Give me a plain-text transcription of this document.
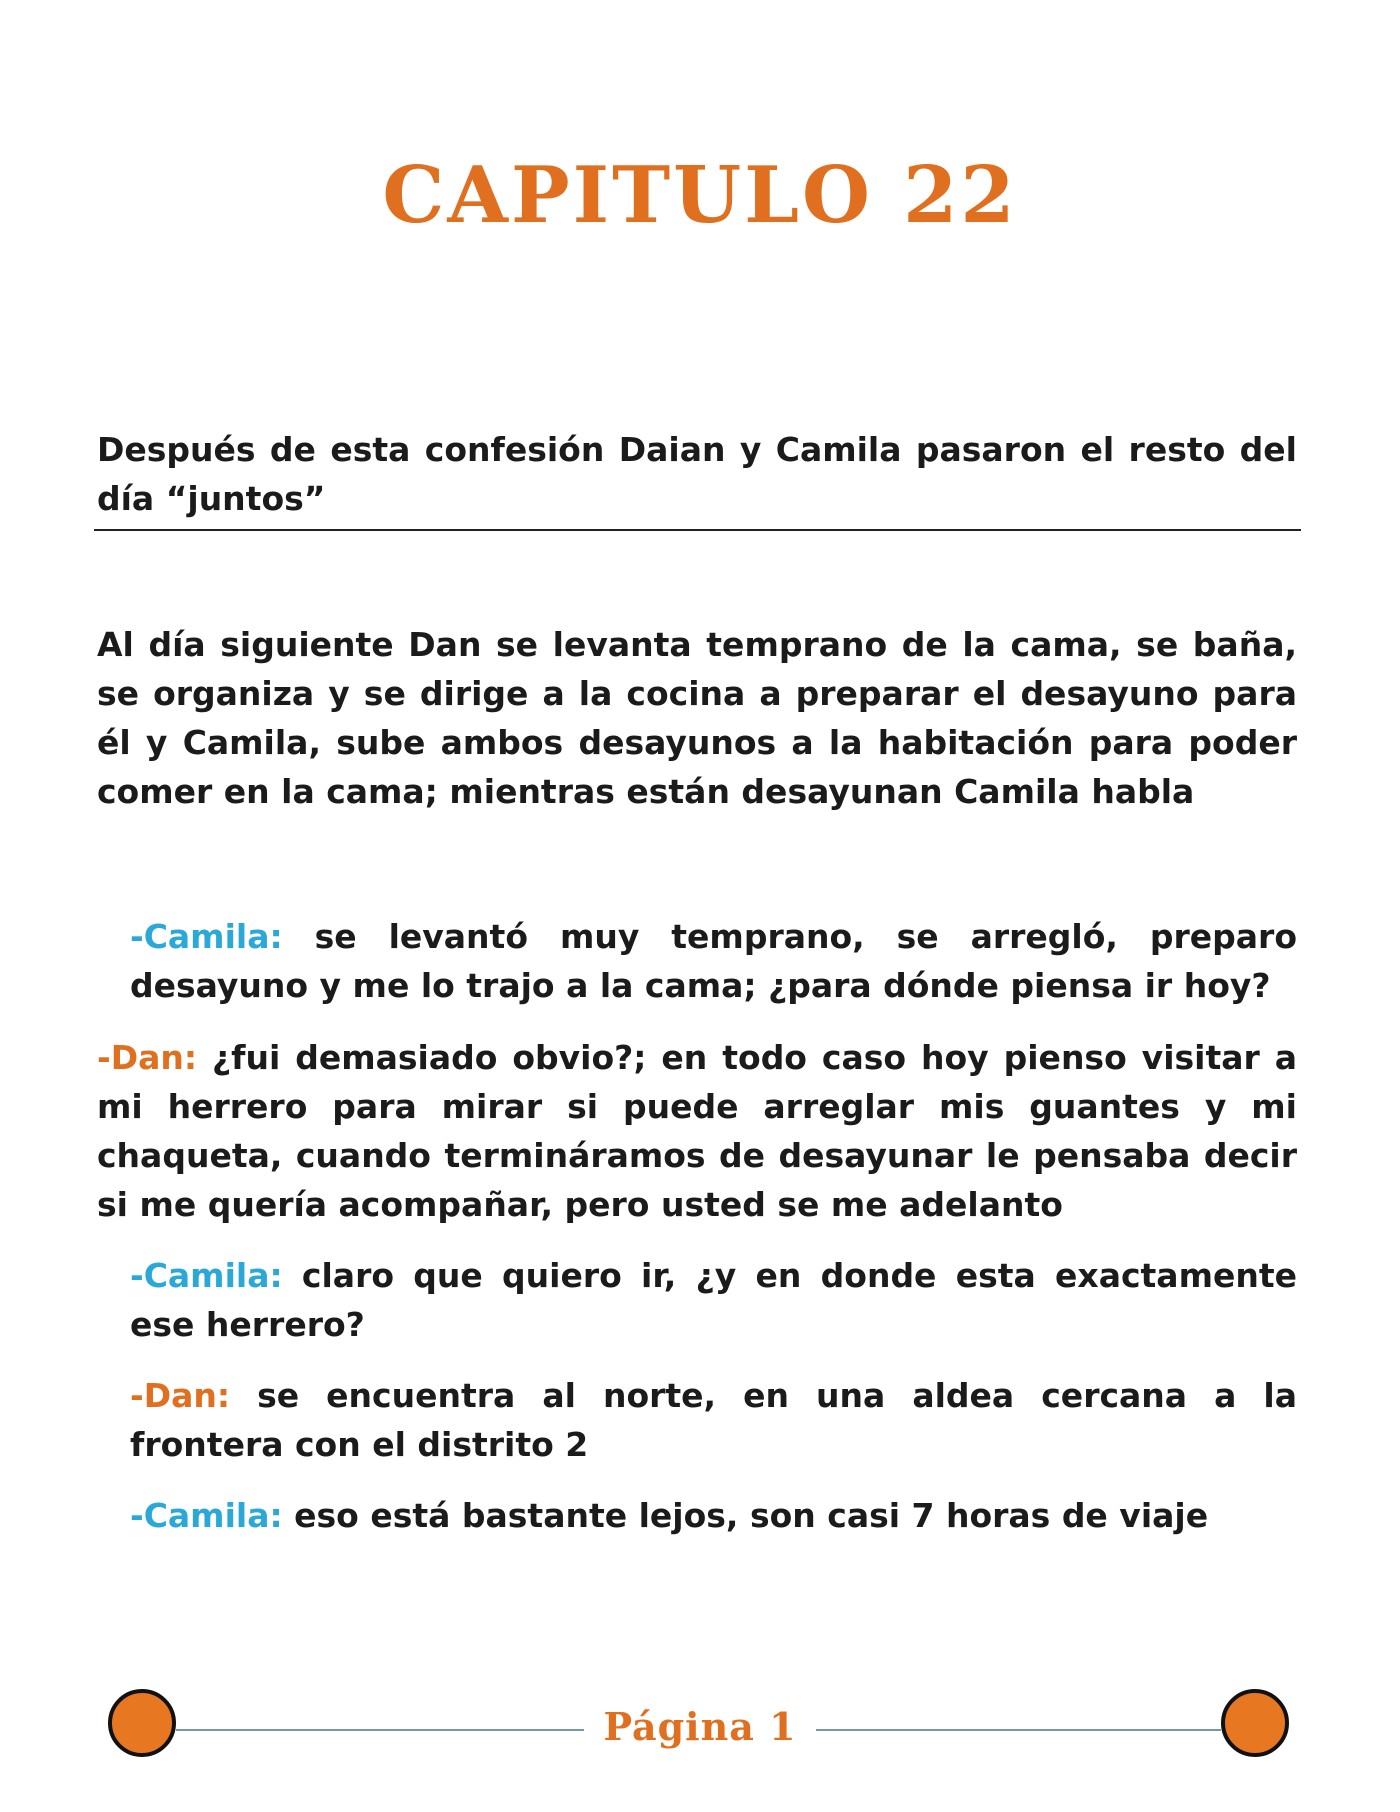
CAPITULO 22
Después de esta confesión Daian y Camila pasaron el resto del día “juntos”
Al día siguiente Dan se levanta temprano de la cama, se baña, se organiza y se dirige a la cocina a preparar el desayuno para él y Camila, sube ambos desayunos a la habitación para poder comer en la cama; mientras están desayunan Camila habla
-Camila: se levantó muy temprano, se arregló, preparo desayuno y me lo trajo a la cama; ¿para dónde piensa ir hoy?
-Dan: ¿fui demasiado obvio?; en todo caso hoy pienso visitar a mi herrero para mirar si puede arreglar mis guantes y mi chaqueta, cuando termináramos de desayunar le pensaba decir si me quería acompañar, pero usted se me adelanto
-Camila: claro que quiero ir, ¿y en donde esta exactamente ese herrero?
-Dan: se encuentra al norte, en una aldea cercana a la frontera con el distrito 2
-Camila: eso está bastante lejos, son casi 7 horas de viaje
Página 1
